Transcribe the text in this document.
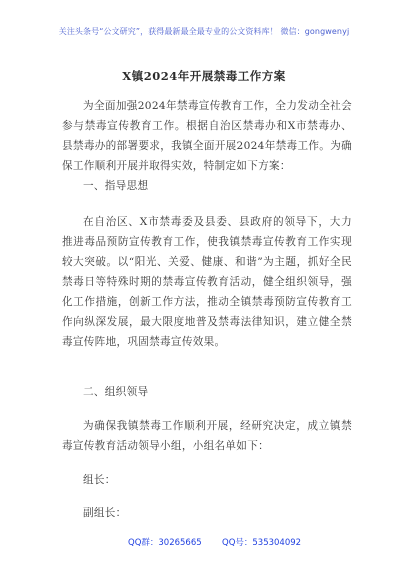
关注头条号“公文研究”，获得最新最全最专业的公文资料库！ 微信：gongwenyj
X镇2024年开展禁毒工作方案
为全面加强2024年禁毒宣传教育工作，全力发动全社会参与禁毒宣传教育工作。根据自治区禁毒办和X市禁毒办、县禁毒办的部署要求，我镇全面开展2024年禁毒工作。为确保工作顺利开展并取得实效，特制定如下方案：
一、指导思想
在自治区、X市禁毒委及县委、县政府的领导下，大力推进毒品预防宣传教育工作，使我镇禁毒宣传教育工作实现较大突破。以“阳光、关爱、健康、和谐”为主题，抓好全民禁毒日等特殊时期的禁毒宣传教育活动，健全组织领导，强化工作措施，创新工作方法，推动全镇禁毒预防宣传教育工作向纵深发展，最大限度地普及禁毒法律知识，建立健全禁毒宣传阵地，巩固禁毒宣传效果。
二、组织领导
为确保我镇禁毒工作顺利开展，经研究决定，成立镇禁毒宣传教育活动领导小组，小组名单如下：
组长：
副组长：
QQ群：30265665 QQ号：535304092
